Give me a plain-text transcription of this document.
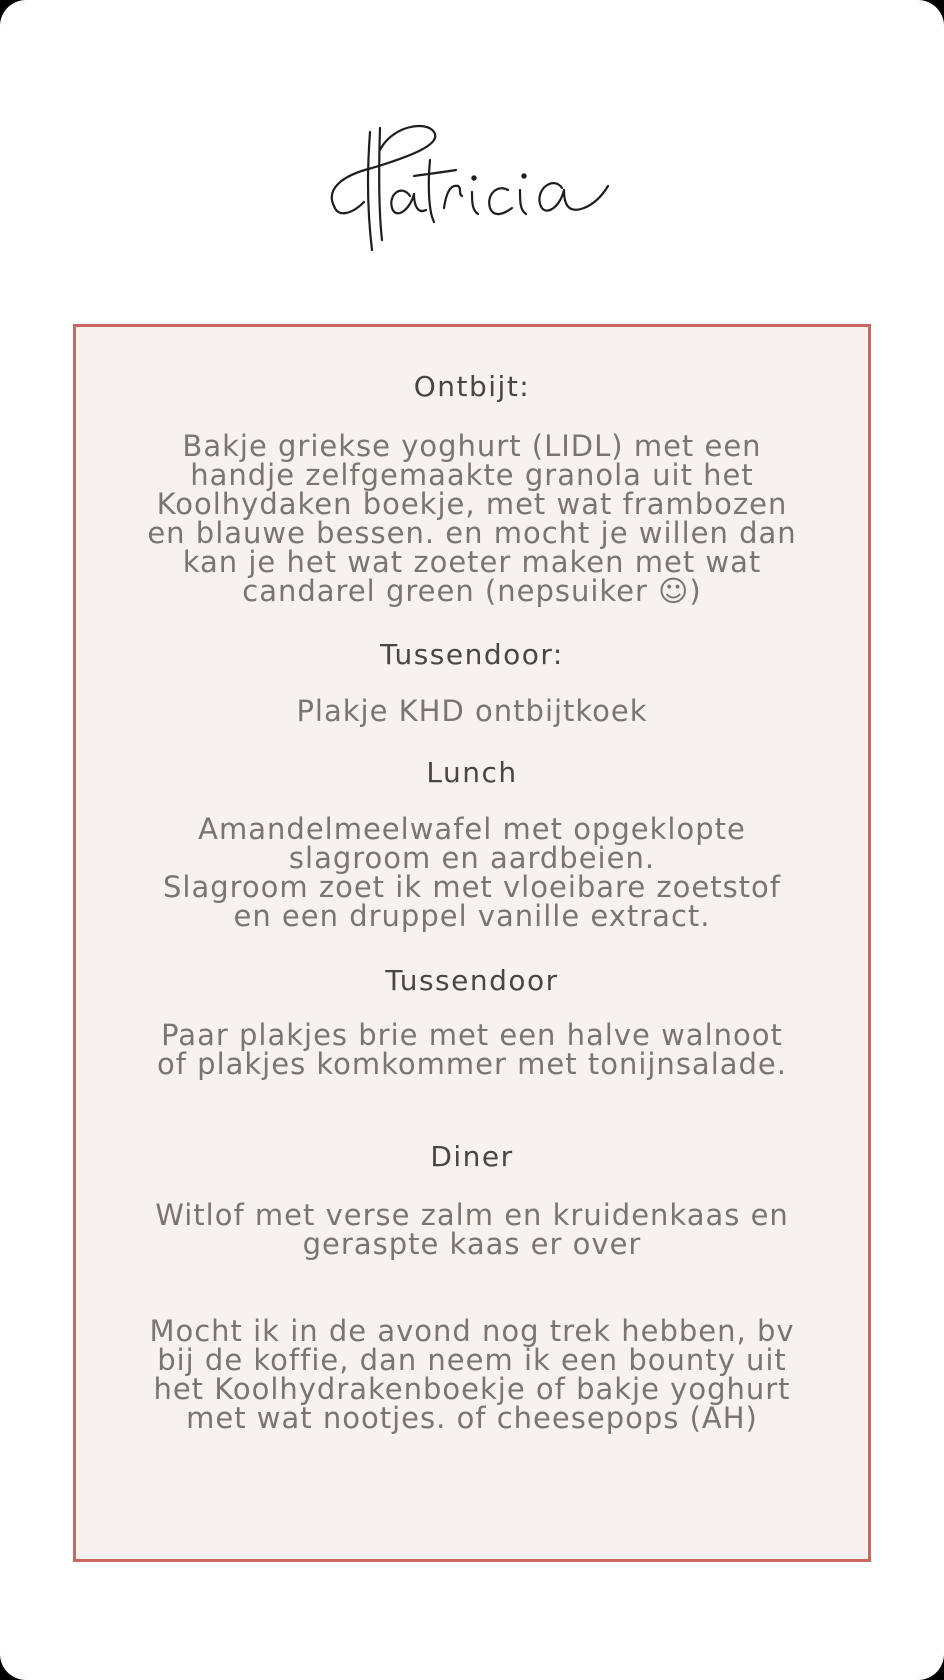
Ontbijt:
Bakje griekse yoghurt (LIDL) met een
handje zelfgemaakte granola uit het
Koolhydaken boekje, met wat frambozen
en blauwe bessen. en mocht je willen dan
kan je het wat zoeter maken met wat
candarel green (nepsuiker ☺)
Tussendoor:
Plakje KHD ontbijtkoek
Lunch
Amandelmeelwafel met opgeklopte
slagroom en aardbeien.
Slagroom zoet ik met vloeibare zoetstof
en een druppel vanille extract.
Tussendoor
Paar plakjes brie met een halve walnoot
of plakjes komkommer met tonijnsalade.
Diner
Witlof met verse zalm en kruidenkaas en
geraspte kaas er over
Mocht ik in de avond nog trek hebben, bv
bij de koffie, dan neem ik een bounty uit
het Koolhydrakenboekje of bakje yoghurt
met wat nootjes. of cheesepops (AH)
